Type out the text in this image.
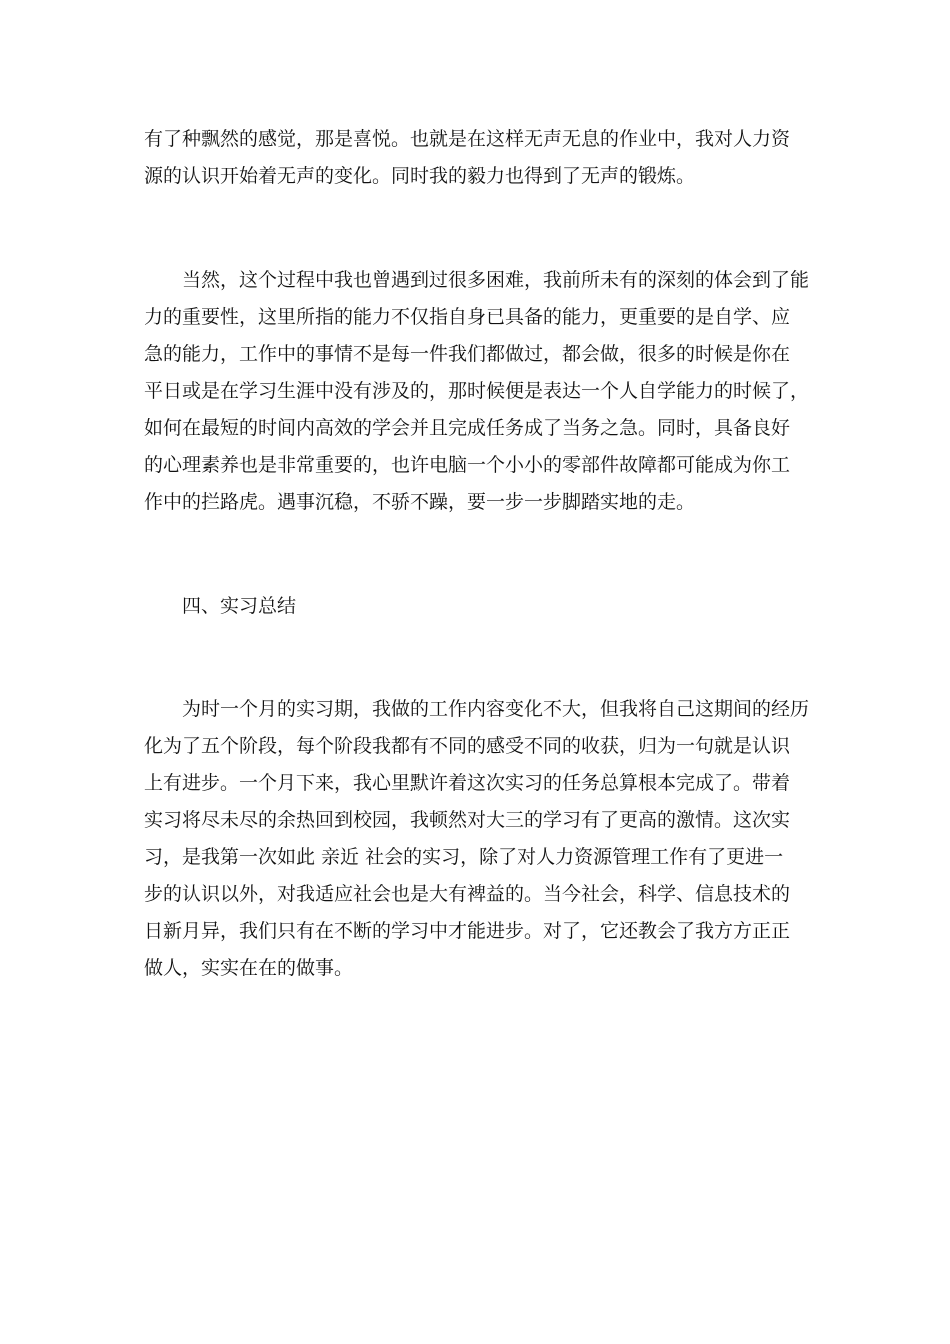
有了种飘然的感觉，那是喜悦。也就是在这样无声无息的作业中，我对人力资
源的认识开始着无声的变化。同时我的毅力也得到了无声的锻炼。
　　当然，这个过程中我也曾遇到过很多困难，我前所未有的深刻的体会到了能
力的重要性，这里所指的能力不仅指自身已具备的能力，更重要的是自学、应
急的能力，工作中的事情不是每一件我们都做过，都会做，很多的时候是你在
平日或是在学习生涯中没有涉及的，那时候便是表达一个人自学能力的时候了，
如何在最短的时间内高效的学会并且完成任务成了当务之急。同时，具备良好
的心理素养也是非常重要的，也许电脑一个小小的零部件故障都可能成为你工
作中的拦路虎。遇事沉稳，不骄不躁，要一步一步脚踏实地的走。
　　四、实习总结
　　为时一个月的实习期，我做的工作内容变化不大，但我将自己这期间的经历
化为了五个阶段，每个阶段我都有不同的感受不同的收获，归为一句就是认识
上有进步。一个月下来，我心里默许着这次实习的任务总算根本完成了。带着
实习将尽未尽的余热回到校园，我顿然对大三的学习有了更高的激情。这次实
习，是我第一次如此 亲近 社会的实习，除了对人力资源管理工作有了更进一
步的认识以外，对我适应社会也是大有裨益的。当今社会，科学、信息技术的
日新月异，我们只有在不断的学习中才能进步。对了，它还教会了我方方正正
做人，实实在在的做事。
